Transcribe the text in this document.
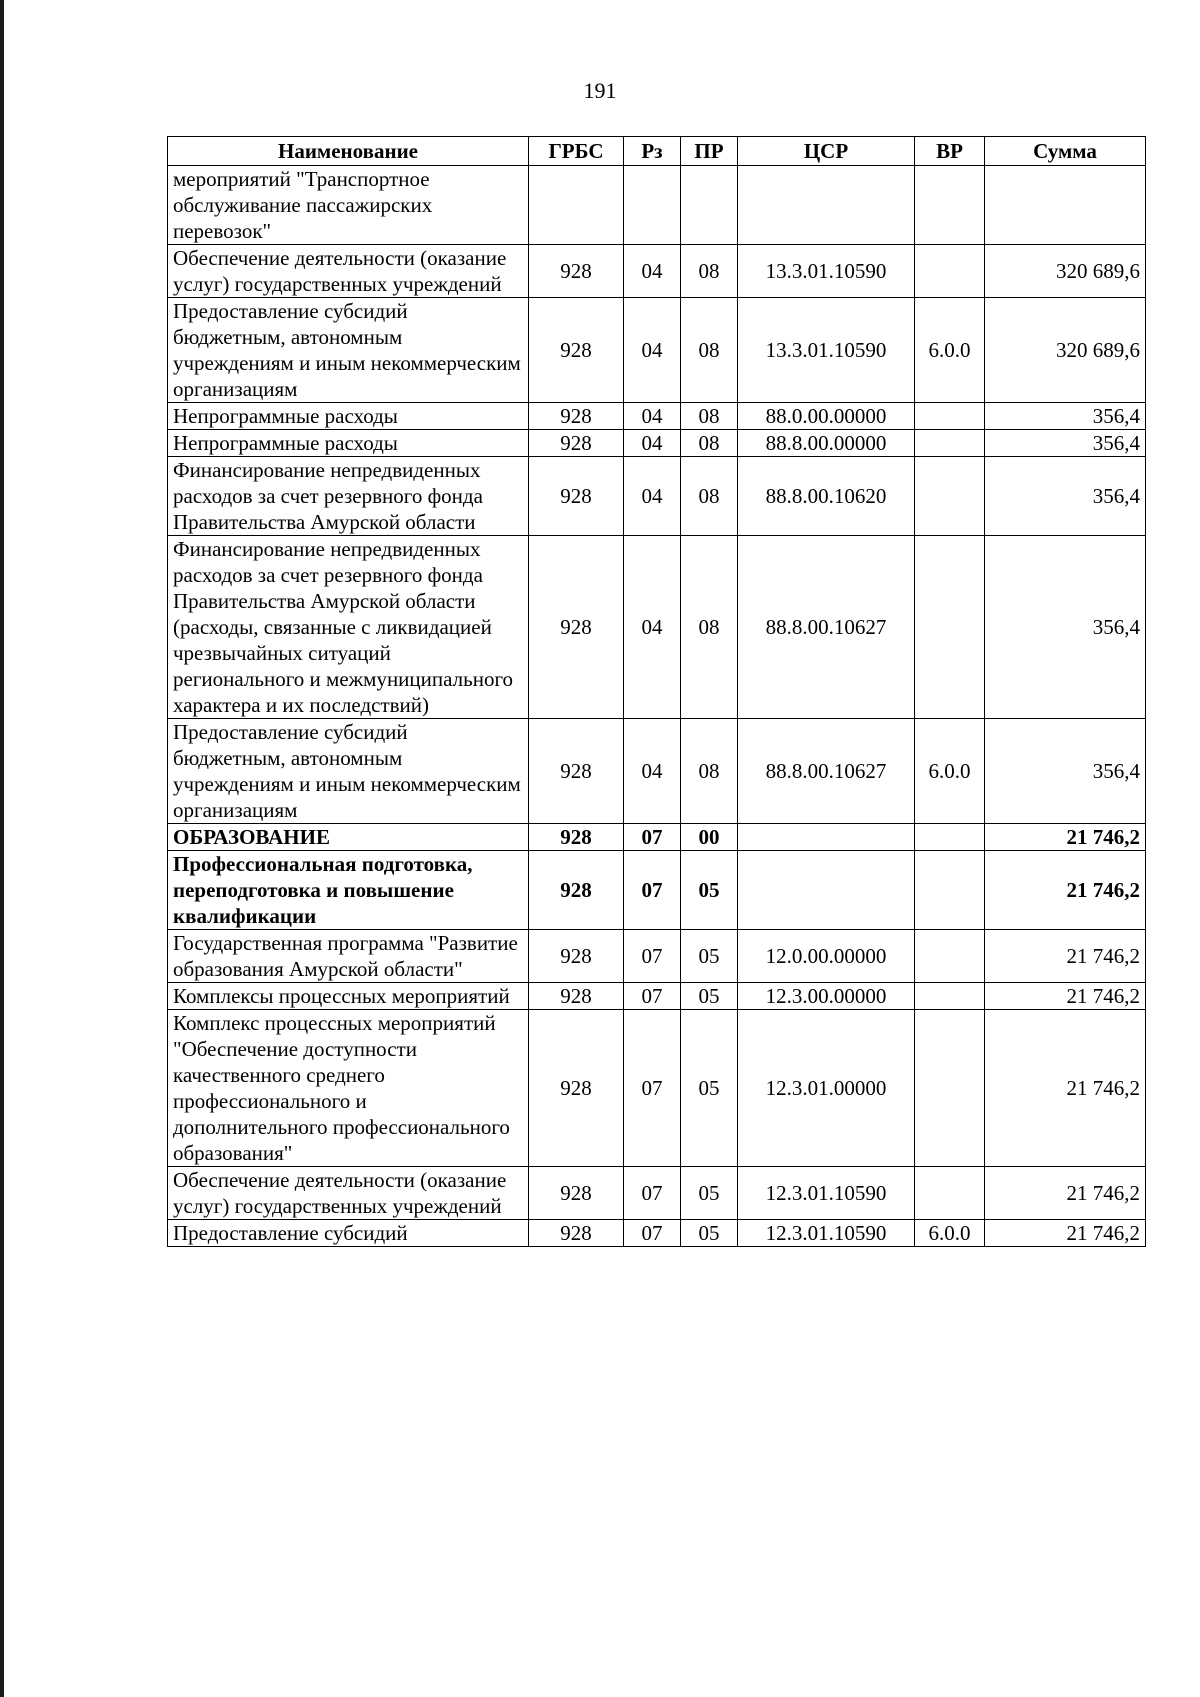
191
Наименование	ГРБС	Рз	ПР	ЦСР	ВР	Сумма
мероприятий "Транспортное обслуживание пассажирских перевозок"						
Обеспечение деятельности (оказание услуг) государственных учреждений	928	04	08	13.3.01.10590		320 689,6
Предоставление субсидий бюджетным, автономным учреждениям и иным некоммерческим организациям	928	04	08	13.3.01.10590	6.0.0	320 689,6
Непрограммные расходы	928	04	08	88.0.00.00000		356,4
Непрограммные расходы	928	04	08	88.8.00.00000		356,4
Финансирование непредвиденных расходов за счет резервного фонда Правительства Амурской области	928	04	08	88.8.00.10620		356,4
Финансирование непредвиденных расходов за счет резервного фонда Правительства Амурской области (расходы, связанные с ликвидацией чрезвычайных ситуаций регионального и межмуниципального характера и их последствий)	928	04	08	88.8.00.10627		356,4
Предоставление субсидий бюджетным, автономным учреждениям и иным некоммерческим организациям	928	04	08	88.8.00.10627	6.0.0	356,4
ОБРАЗОВАНИЕ	928	07	00			21 746,2
Профессиональная подготовка, переподготовка и повышение квалификации	928	07	05			21 746,2
Государственная программа "Развитие образования Амурской области"	928	07	05	12.0.00.00000		21 746,2
Комплексы процессных мероприятий	928	07	05	12.3.00.00000		21 746,2
Комплекс процессных мероприятий "Обеспечение доступности качественного среднего профессионального и дополнительного профессионального образования"	928	07	05	12.3.01.00000		21 746,2
Обеспечение деятельности (оказание услуг) государственных учреждений	928	07	05	12.3.01.10590		21 746,2
Предоставление субсидий	928	07	05	12.3.01.10590	6.0.0	21 746,2
